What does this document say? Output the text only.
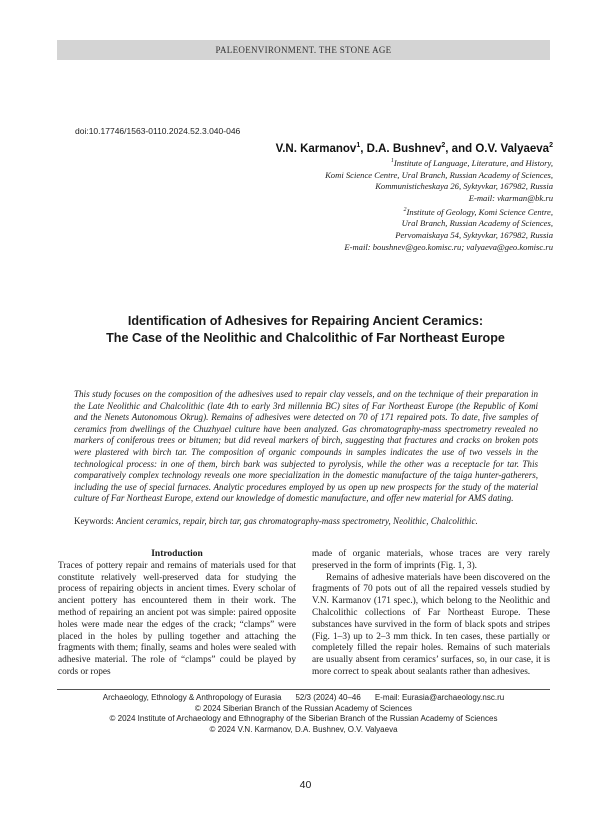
PALEOENVIRONMENT. THE STONE AGE
doi:10.17746/1563-0110.2024.52.3.040-046
V.N. Karmanov$^1$, D.A. Bushnev$^2$, and O.V. Valyaeva$^2$
$^1$Institute of Language, Literature, and History,
Komi Science Centre, Ural Branch, Russian Academy of Sciences,
Kommunisticheskaya 26, Syktyvkar, 167982, Russia
E-mail: vkarman@bk.ru
$^2$Institute of Geology, Komi Science Centre,
Ural Branch, Russian Academy of Sciences,
Pervomaiskaya 54, Syktyvkar, 167982, Russia
E-mail: boushnev@geo.komisc.ru; valyaeva@geo.komisc.ru
Identification of Adhesives for Repairing Ancient Ceramics:
The Case of the Neolithic and Chalcolithic of Far Northeast Europe
This study focuses on the composition of the adhesives used to repair clay vessels, and on the technique of their preparation in the Late Neolithic and Chalcolithic (late 4th to early 3rd millennia BC) sites of Far Northeast Europe (the Republic of Komi and the Nenets Autonomous Okrug). Remains of adhesives were detected on 70 of 171 repaired pots. To date, five samples of ceramics from dwellings of the Chuzhyael culture have been analyzed. Gas chromatography-mass spectrometry revealed no markers of coniferous trees or bitumen; but did reveal markers of birch, suggesting that fractures and cracks on broken pots were plastered with birch tar. The composition of organic compounds in samples indicates the use of two vessels in the technological process: in one of them, birch bark was subjected to pyrolysis, while the other was a receptacle for tar. This comparatively complex technology reveals one more specialization in the domestic manufacture of the taiga hunter-gatherers, including the use of special furnaces. Analytic procedures employed by us open up new prospects for the study of the material culture of Far Northeast Europe, extend our knowledge of domestic manufacture, and offer new material for AMS dating.
Keywords: Ancient ceramics, repair, birch tar, gas chromatography-mass spectrometry, Neolithic, Chalcolithic.

Introduction

Traces of pottery repair and remains of materials used for that constitute relatively well-preserved data for studying the process of repairing objects in ancient times. Every scholar of ancient pottery has encountered them in their work. The method of repairing an ancient pot was simple: paired opposite holes were made near the edges of the crack; “clamps” were placed in the holes by pulling together and attaching the fragments with them; finally, seams and holes were sealed with adhesive material. The role of “clamps” could be played by cords or ropes

made of organic materials, whose traces are very rarely preserved in the form of imprints (Fig. 1, 3).

Remains of adhesive materials have been discovered on the fragments of 70 pots out of all the repaired vessels studied by V.N. Karmanov (171 spec.), which belong to the Neolithic and Chalcolithic collections of Far Northeast Europe. These substances have survived in the form of black spots and stripes (Fig. 1–3) up to 2–3 mm thick. In ten cases, these partially or completely filled the repair holes. Remains of such materials are usually absent from ceramics’ surfaces, so, in our case, it is more correct to speak about sealants rather than adhesives.

Archaeology, Ethnology & Anthropology of Eurasia 52/3 (2024) 40–46 E-mail: Eurasia@archaeology.nsc.ru
© 2024 Siberian Branch of the Russian Academy of Sciences
© 2024 Institute of Archaeology and Ethnography of the Siberian Branch of the Russian Academy of Sciences
© 2024 V.N. Karmanov, D.A. Bushnev, O.V. Valyaeva
40
